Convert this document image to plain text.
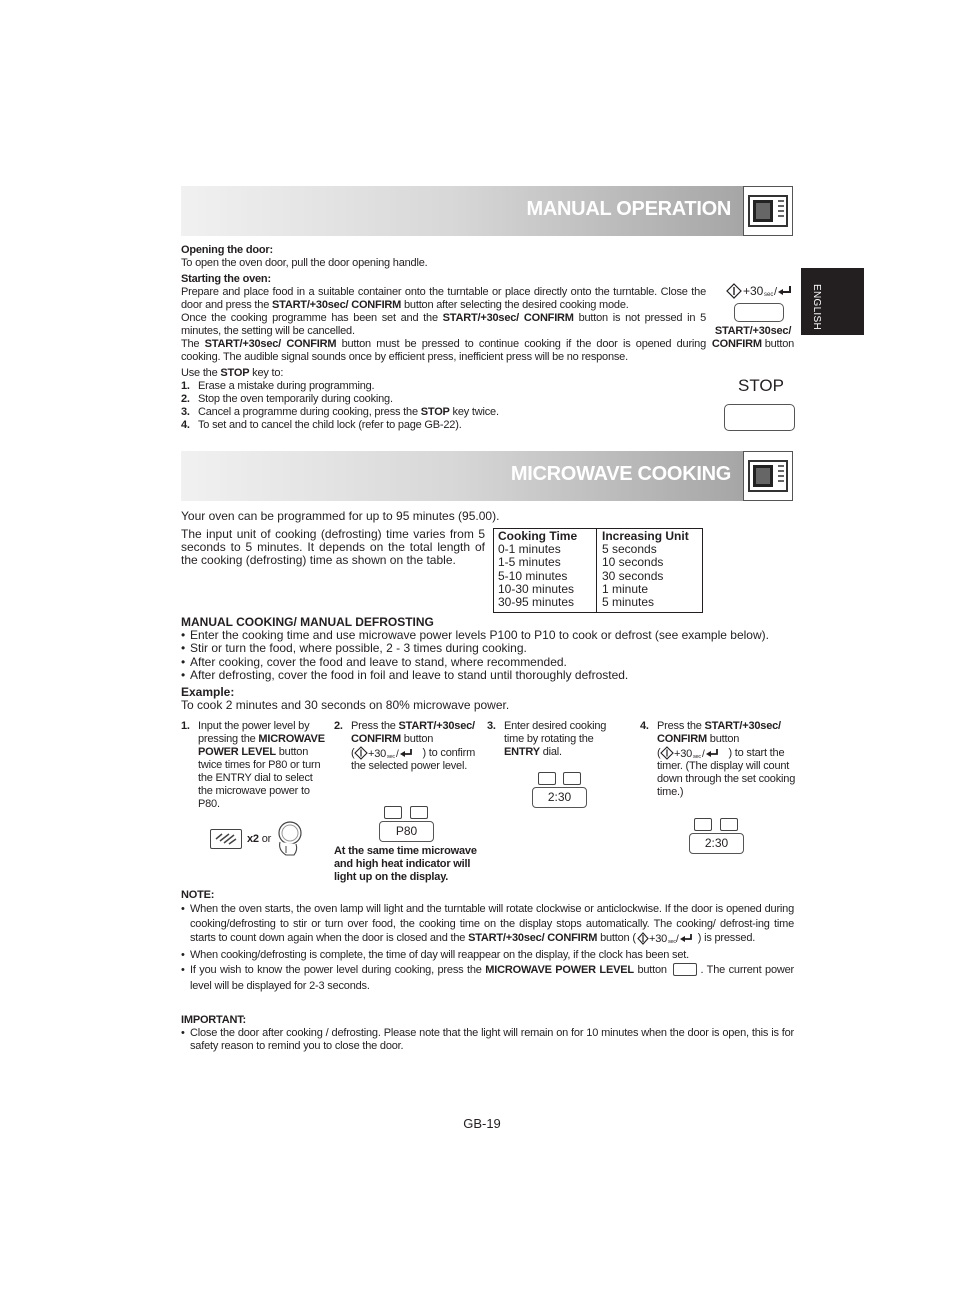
MANUAL OPERATION
ENGLISH
Opening the door:
To open the oven door, pull the door opening handle.
Starting the oven:
Prepare and place food in a suitable container onto the turntable or place directly onto the turntable. Close the door and press the START/+30sec/ CONFIRM button after selecting the desired cooking mode.
Once the cooking programme has been set and the START/+30sec/ CONFIRM button is not pressed in 5 minutes, the setting will be cancelled.
The START/+30sec/ CONFIRM button must be pressed to continue cooking if the door is opened during cooking. The audible signal sounds once by efficient press, inefficient press will be no response.
Use the STOP key to:
1. Erase a mistake during programming.
2. Stop the oven temporarily during cooking.
3. Cancel a programme during cooking, press the STOP key twice.
4. To set and to cancel the child lock (refer to page GB-22).
+30 sec /
START/+30sec/ CONFIRM button
STOP
MICROWAVE COOKING
Your oven can be programmed for up to 95 minutes (95.00).
The input unit of cooking (defrosting) time varies from 5 seconds to 5 minutes. It depends on the total length of the cooking (defrosting) time as shown on the table.
Cooking Time
0-1 minutes
1-5 minutes
5-10 minutes
10-30 minutes
30-95 minutes
Increasing Unit
5 seconds
10 seconds
30 seconds
1 minute
5 minutes
MANUAL COOKING/ MANUAL DEFROSTING
• Enter the cooking time and use microwave power levels P100 to P10 to cook or defrost (see example below).
• Stir or turn the food, where possible, 2 - 3 times during cooking.
• After cooking, cover the food and leave to stand, where recommended.
• After defrosting, cover the food in foil and leave to stand until thoroughly defrosted.
Example:
To cook 2 minutes and 30 seconds on 80% microwave power.
1. Input the power level by pressing the MICROWAVE POWER LEVEL button twice times for P80 or turn the ENTRY dial to select the microwave power to P80.
x2 or
2. Press the START/+30sec/ CONFIRM button
( +30 sec / ) to confirm the selected power level.
P80
At the same time microwave and high heat indicator will light up on the display.
3. Enter desired cooking time by rotating the ENTRY dial.
2:30
4. Press the START/+30sec/ CONFIRM button
( +30 sec / ) to start the timer. (The display will count down through the set cooking time.)
2:30
NOTE:
• When the oven starts, the oven lamp will light and the turntable will rotate clockwise or anticlockwise. If the door is opened during cooking/defrosting to stir or turn over food, the cooking time on the display stops automatically. The cooking/ defrost-ing time starts to count down again when the door is closed and the START/+30sec/ CONFIRM button ( +30 sec / ) is pressed.
• When cooking/defrosting is complete, the time of day will reappear on the display, if the clock has been set.
• If you wish to know the power level during cooking, press the MICROWAVE POWER LEVEL button	. The current power level will be displayed for 2-3 seconds.
IMPORTANT:
• Close the door after cooking / defrosting. Please note that the light will remain on for 10 minutes when the door is open, this is for safety reason to remind you to close the door.
GB-19
